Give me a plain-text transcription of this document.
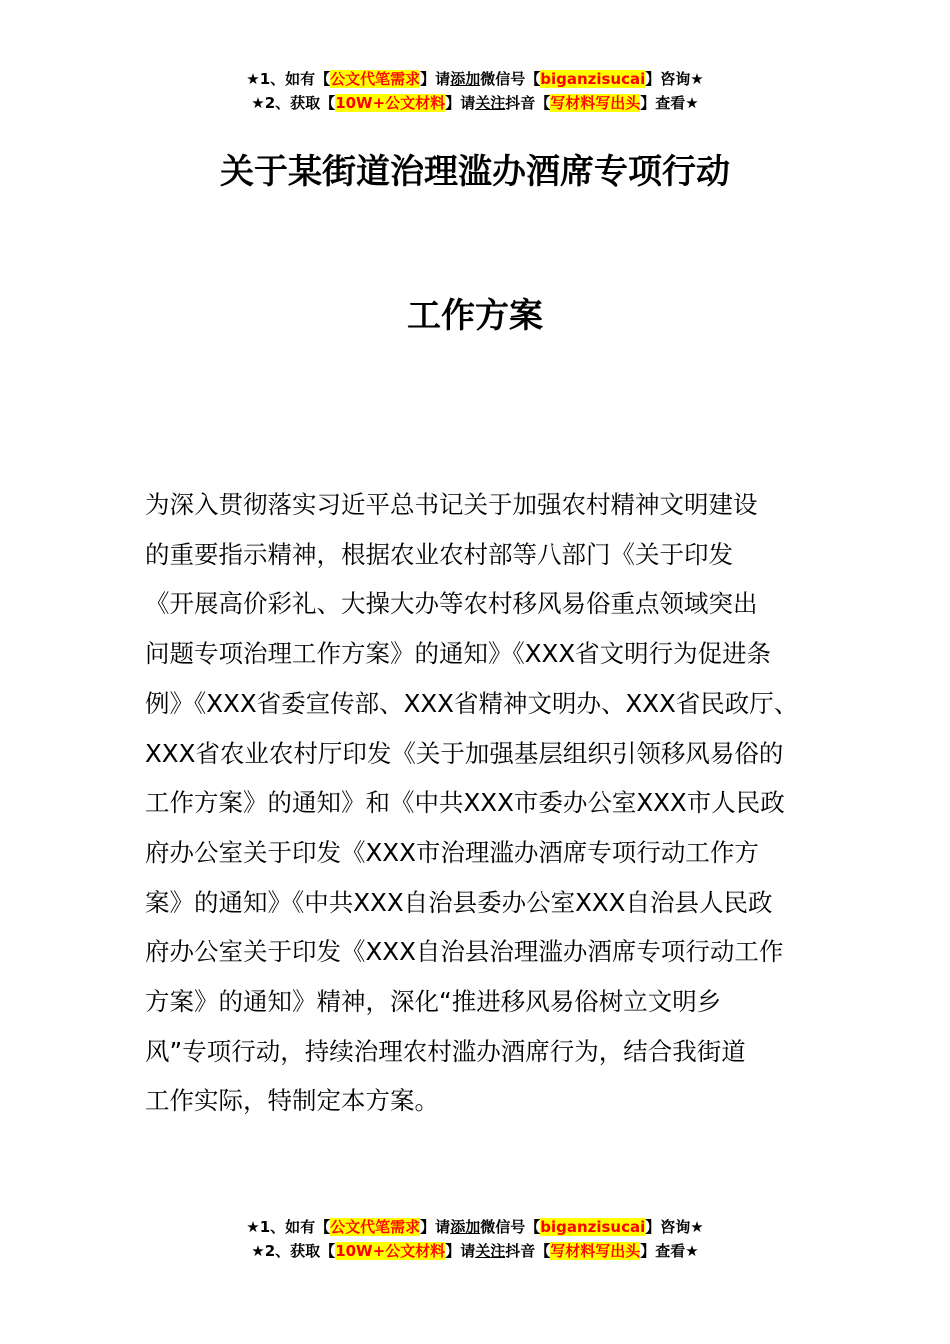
★1、如有【公文代笔需求】请添加微信号【biganzisucai】咨询★
★2、获取【10W+公文材料】请关注抖音【写材料写出头】查看★
关于某街道治理滥办酒席专项行动
工作方案
为深入贯彻落实习近平总书记关于加强农村精神文明建设
的重要指示精神，根据农业农村部等八部门《关于印发
《开展高价彩礼、大操大办等农村移风易俗重点领域突出
问题专项治理工作方案》的通知》《XXX省文明行为促进条
例》《XXX省委宣传部、XXX省精神文明办、XXX省民政厅、
XXX省农业农村厅印发《关于加强基层组织引领移风易俗的
工作方案》的通知》和《中共XXX市委办公室XXX市人民政
府办公室关于印发《XXX市治理滥办酒席专项行动工作方
案》的通知》《中共XXX自治县委办公室XXX自治县人民政
府办公室关于印发《XXX自治县治理滥办酒席专项行动工作
方案》的通知》精神，深化“推进移风易俗树立文明乡
风”专项行动，持续治理农村滥办酒席行为，结合我街道
工作实际，特制定本方案。
★1、如有【公文代笔需求】请添加微信号【biganzisucai】咨询★
★2、获取【10W+公文材料】请关注抖音【写材料写出头】查看★
